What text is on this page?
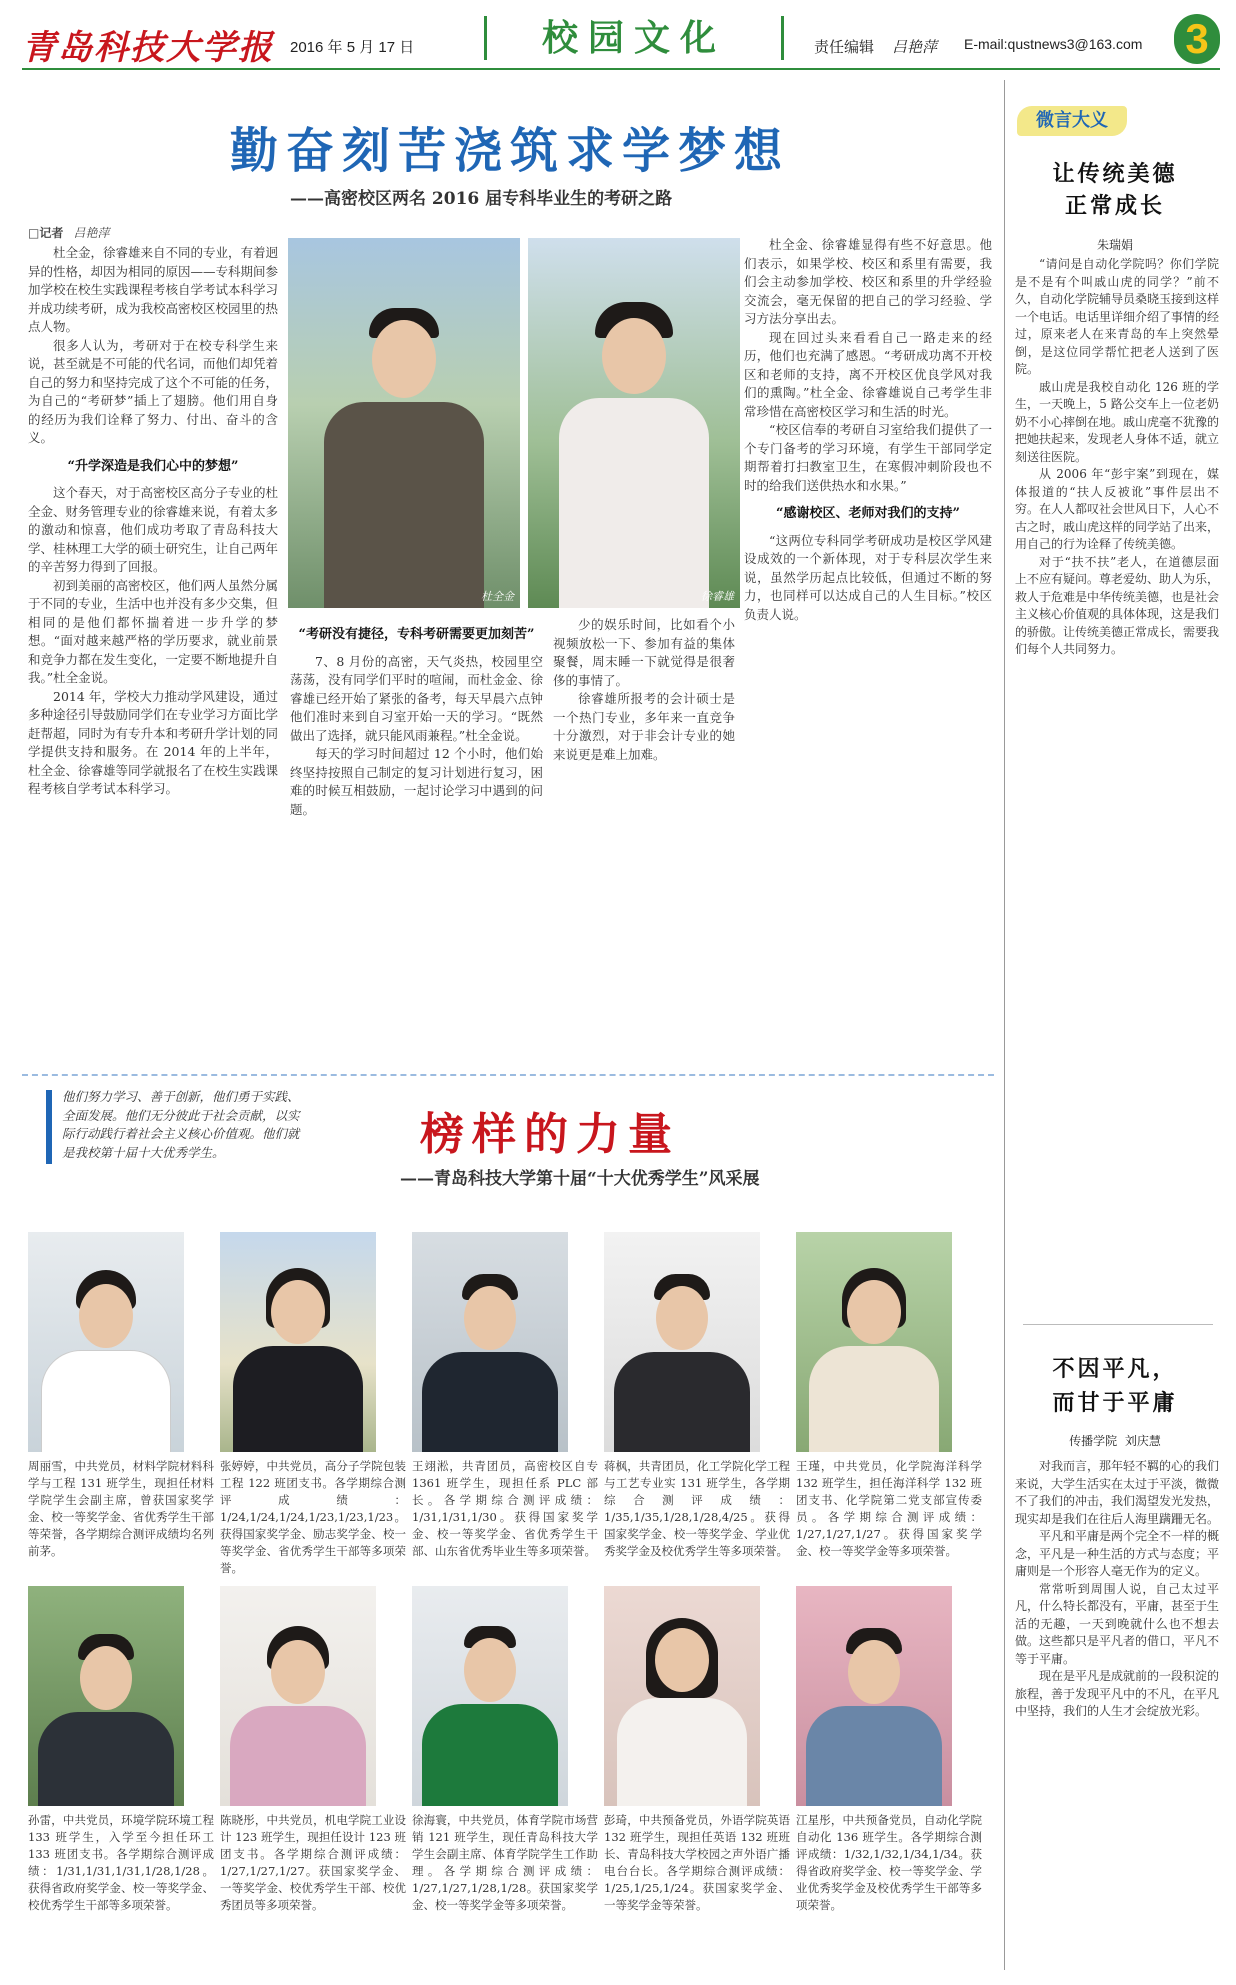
青岛科技大学报 2016 年 5 月 17 日	校园文化	责任编辑 吕艳萍 E-mail:qustnews3@163.com 3
勤奋刻苦浇筑求学梦想
——高密校区两名 2016 届专科毕业生的考研之路
□记者 吕艳萍

杜全金，徐睿雄来自不同的专业，有着迥异的性格，却因为相同的原因——专科期间参加学校在校生实践课程考核自学考试本科学习并成功续考研，成为我校高密校区校园里的热点人物。

很多人认为，考研对于在校专科学生来说，甚至就是不可能的代名词，而他们却凭着自己的努力和坚持完成了这个不可能的任务，为自己的“考研梦”插上了翅膀。他们用自身的经历为我们诠释了努力、付出、奋斗的含义。

“升学深造是我们心中的梦想”

这个春天，对于高密校区高分子专业的杜全金、财务管理专业的徐睿雄来说，有着太多的激动和惊喜，他们成功考取了青岛科技大学、桂林理工大学的硕士研究生，让自己两年的辛苦努力得到了回报。

初到美丽的高密校区，他们两人虽然分属于不同的专业，生活中也并没有多少交集，但相同的是他们都怀揣着进一步升学的梦想。“面对越来越严格的学历要求，就业前景和竞争力都在发生变化，一定要不断地提升自我。”杜全金说。

2014 年，学校大力推动学风建设，通过多种途径引导鼓励同学们在专业学习方面比学赶帮超，同时为有专升本和考研升学计划的同学提供支持和服务。在 2014 年的上半年，杜全金、徐睿雄等同学就报名了在校生实践课程考核自学考试本科学习。

杜全金	徐睿雄
“考研没有捷径，专科考研需要更加刻苦”

7、8 月份的高密，天气炎热，校园里空荡荡，没有同学们平时的喧闹，而杜金金、徐睿雄已经开始了紧张的备考，每天早晨六点钟他们准时来到自习室开始一天的学习。“既然做出了选择，就只能风雨兼程。”杜全金说。

每天的学习时间超过 12 个小时，他们始终坚持按照自己制定的复习计划进行复习，困难的时候互相鼓励，一起讨论学习中遇到的问题。

少的娱乐时间，比如看个小视频放松一下、参加有益的集体聚餐，周末睡一下就觉得是很奢侈的事情了。

徐睿雄所报考的会计硕士是一个热门专业，多年来一直竞争十分激烈，对于非会计专业的她来说更是难上加难。

杜全金、徐睿雄显得有些不好意思。他们表示，如果学校、校区和系里有需要，我们会主动参加学校、校区和系里的升学经验交流会，毫无保留的把自己的学习经验、学习方法分享出去。

现在回过头来看看自己一路走来的经历，他们也充满了感恩。“考研成功离不开校区和老师的支持，离不开校区优良学风对我们的熏陶。”杜全金、徐睿雄说自己考学生非常珍惜在高密校区学习和生活的时光。

“校区信奉的考研自习室给我们提供了一个专门备考的学习环境，有学生干部同学定期帮着打扫教室卫生，在寒假冲刺阶段也不时的给我们送供热水和水果。”

“感谢校区、老师对我们的支持”

“这两位专科同学考研成功是校区学风建设成效的一个新体现，对于专科层次学生来说，虽然学历起点比较低，但通过不断的努力，也同样可以达成自己的人生目标。”校区负责人说。

微言大义
让传统美德
正常成长
朱瑞娟

“请问是自动化学院吗？你们学院是不是有个叫戚山虎的同学？”前不久，自动化学院辅导员桑晓玉接到这样一个电话。电话里详细介绍了事情的经过，原来老人在来青岛的车上突然晕倒，是这位同学帮忙把老人送到了医院。

戚山虎是我校自动化 126 班的学生，一天晚上，5 路公交车上一位老奶奶不小心摔倒在地。戚山虎毫不犹豫的把她扶起来，发现老人身体不适，就立刻送往医院。

从 2006 年“彭宇案”到现在，媒体报道的“扶人反被讹”事件层出不穷。在人人都叹社会世风日下，人心不古之时，戚山虎这样的同学站了出来，用自己的行为诠释了传统美德。

对于“扶不扶”老人，在道德层面上不应有疑问。尊老爱幼、助人为乐，救人于危难是中华传统美德，也是社会主义核心价值观的具体体现，这是我们的骄傲。让传统美德正常成长，需要我们每个人共同努力。

不因平凡，
而甘于平庸
传播学院 刘庆慧

对我而言，那年轻不羁的心的我们来说，大学生活实在太过于平淡，微微不了我们的冲击，我们渴望发光发热，现实却是我们在往后人海里蹒跚无名。

平凡和平庸是两个完全不一样的概念，平凡是一种生活的方式与态度；平庸则是一个形容人毫无作为的定义。

常常听到周围人说，自己太过平凡，什么特长都没有，平庸，甚至于生活的无趣，一天到晚就什么也不想去做。这些都只是平凡者的借口，平凡不等于平庸。

现在是平凡是成就前的一段积淀的旅程，善于发现平凡中的不凡，在平凡中坚持，我们的人生才会绽放光彩。

他们努力学习、善于创新，他们勇于实践、全面发展。他们无分彼此于社会贡献，以实际行动践行着社会主义核心价值观。他们就是我校第十届十大优秀学生。	榜样的力量
——青岛科技大学第十届“十大优秀学生”风采展
周丽雪，中共党员，材料学院材料科学与工程 131 班学生，现担任材料学院学生会副主席，曾获国家奖学金、校一等奖学金、省优秀学生干部等荣誉，各学期综合测评成绩均名列前茅。
张婷婷，中共党员，高分子学院包装工程 122 班团支书。各学期综合测评成绩：1/24,1/24,1/24,1/23,1/23,1/23。获得国家奖学金、励志奖学金、校一等奖学金、省优秀学生干部等多项荣誉。
王翊淞，共青团员，高密校区自专 1361 班学生，现担任系 PLC 部长。各学期综合测评成绩：1/31,1/31,1/30。获得国家奖学金、校一等奖学金、省优秀学生干部、山东省优秀毕业生等多项荣誉。
蒋枫，共青团员，化工学院化学工程与工艺专业实 131 班学生，各学期综合测评成绩：1/35,1/35,1/28,1/28,4/25。获得国家奖学金、校一等奖学金、学业优秀奖学金及校优秀学生等多项荣誉。
王瑾，中共党员，化学院海洋科学 132 班学生，担任海洋科学 132 班团支书、化学院第二党支部宣传委员。各学期综合测评成绩：1/27,1/27,1/27。获得国家奖学金、校一等奖学金等多项荣誉。
孙雷，中共党员，环境学院环境工程 133 班学生，入学至今担任环工 133 班团支书。各学期综合测评成绩：1/31,1/31,1/31,1/28,1/28。获得省政府奖学金、校一等奖学金、校优秀学生干部等多项荣誉。
陈晓彤，中共党员，机电学院工业设计 123 班学生，现担任设计 123 班团支书。各学期综合测评成绩：1/27,1/27,1/27。获国家奖学金、一等奖学金、校优秀学生干部、校优秀团员等多项荣誉。
徐海寰，中共党员，体育学院市场营销 121 班学生，现任青岛科技大学学生会副主席、体育学院学生工作助理。各学期综合测评成绩：1/27,1/27,1/28,1/28。获国家奖学金、校一等奖学金等多项荣誉。
彭琦，中共预备党员，外语学院英语 132 班学生，现担任英语 132 班班长、青岛科技大学校园之声外语广播电台台长。各学期综合测评成绩：1/25,1/25,1/24。获国家奖学金、一等奖学金等荣誉。
江星彤，中共预备党员，自动化学院自动化 136 班学生。各学期综合测评成绩：1/32,1/32,1/34,1/34。获得省政府奖学金、校一等奖学金、学业优秀奖学金及校优秀学生干部等多项荣誉。
